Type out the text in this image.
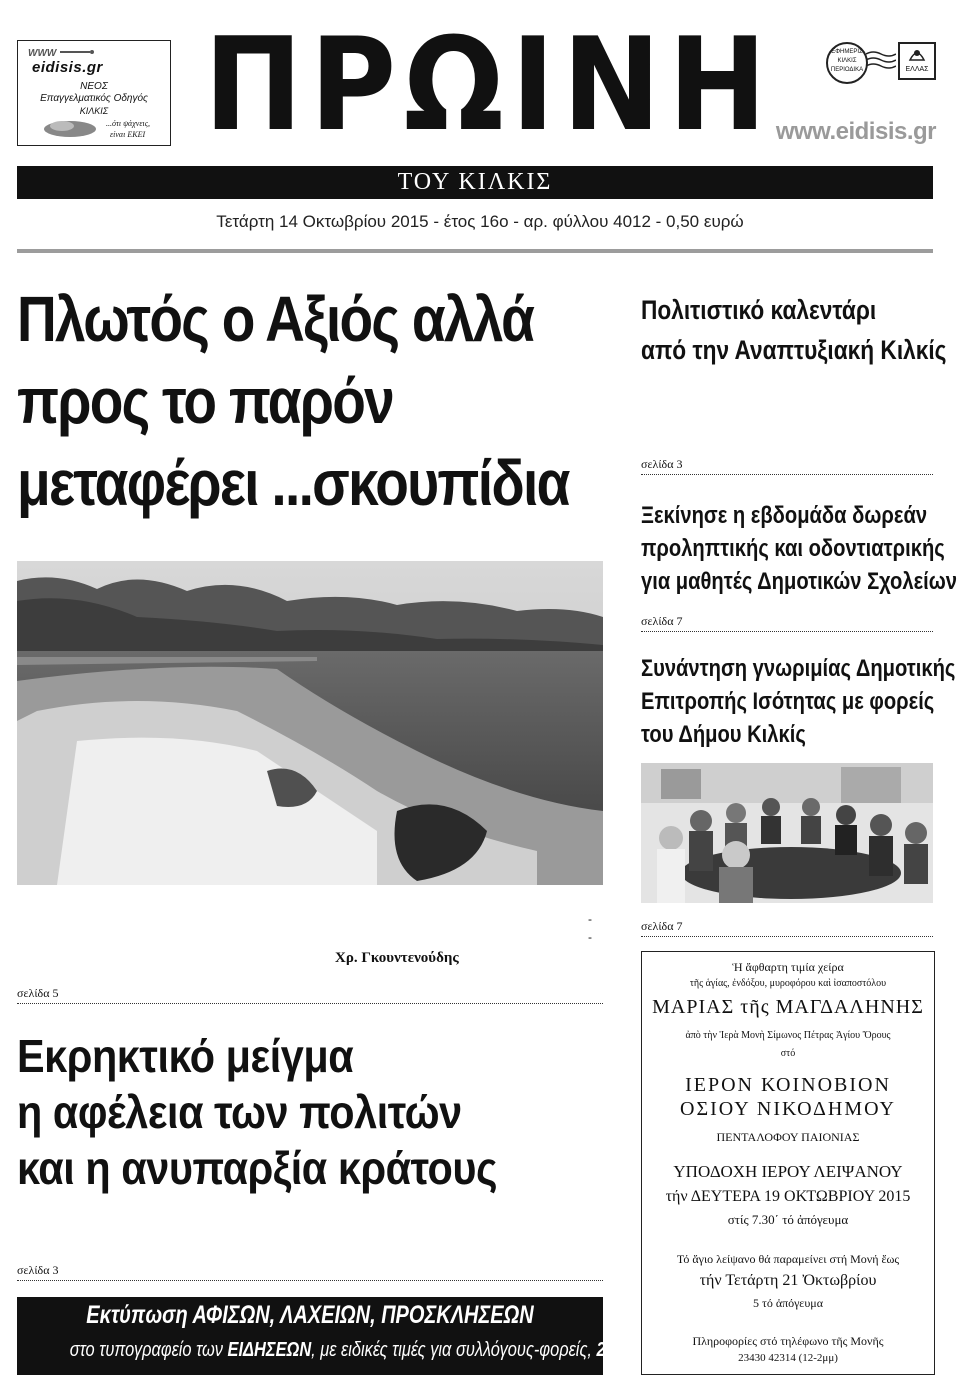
WWW
eidisis.gr
ΝΕΟΣ
Επαγγελματικός Οδηγός
ΚΙΛΚΙΣ
...ότι ψάχνεις,
είναι ΕΚΕΙ ΠΡΩΙΝΗ	ΕΦΗΜΕΡΙΣ ΚΙΛΚΙΣ ΠΕΡΙΟΔΙΚΑ	ΕΛΛΑΣ
www.eidisis.gr
ΤΟΥ ΚΙΛΚΙΣ
Τετάρτη 14 Οκτωβρίου 2015 - έτος 16ο - αρ. φύλλου 4012 - 0,50 ευρώ
Πλωτός ο Αξιός αλλά
προς το παρόν
μεταφέρει ...σκουπίδια
-
-
Χρ. Γκουντενούδης
σελίδα 5
Εκρηκτικό μείγμα
η αφέλεια των πολιτών
και η ανυπαρξία κράτους
σελίδα 3
Εκτύπωση ΑΦΙΣΩΝ, ΛΑΧΕΙΩΝ, ΠΡΟΣΚΛΗΣΕΩΝ
στο τυπογραφείο των ΕΙΔΗΣΕΩΝ, με ειδικές τιμές για συλλόγους-φορείς, 2341027307
Πολιτιστικό καλεντάρι
από την Αναπτυξιακή Κιλκίς
σελίδα 3
Ξεκίνησε η εβδομάδα δωρεάν
προληπτικής και οδοντιατρικής
για μαθητές Δημοτικών Σχολείων
σελίδα 7
Συνάντηση γνωριμίας Δημοτικής
Επιτροπής Ισότητας με φορείς
του Δήμου Κιλκίς
σελίδα 7
Ἡ ἄφθαρτη τιμία χείρα
τῆς ἁγίας, ἐνδόξου, μυροφόρου καὶ ἰσαποστόλου
ΜΑΡΙΑΣ τῆς ΜΑΓΔΑΛΗΝΗΣ
ἀπὸ τὴν Ἱερὰ Μονὴ Σίμωνος Πέτρας Ἁγίου Ὄρους
στό
ΙΕΡΟΝ ΚΟΙΝΟΒΙΟΝ
ΟΣΙΟΥ ΝΙΚΟΔΗΜΟΥ
ΠΕΝΤΑΛΟΦΟΥ ΠΑΙΟΝΙΑΣ
ΥΠΟΔΟΧΗ ΙΕΡΟΥ ΛΕΙΨΑΝΟΥ
τήν ΔΕΥΤΕΡΑ 19 ΟΚΤΩΒΡΙΟΥ 2015
στίς 7.30΄ τό ἀπόγευμα
Τό ἅγιο λείψανο θά παραμείνει στή Μονή ἕως
τήν Τετάρτη 21 Ὀκτωβρίου
5 τό ἀπόγευμα
Πληροφορίες στό τηλέφωνο τῆς Μονῆς
23430 42314 (12-2μμ)
